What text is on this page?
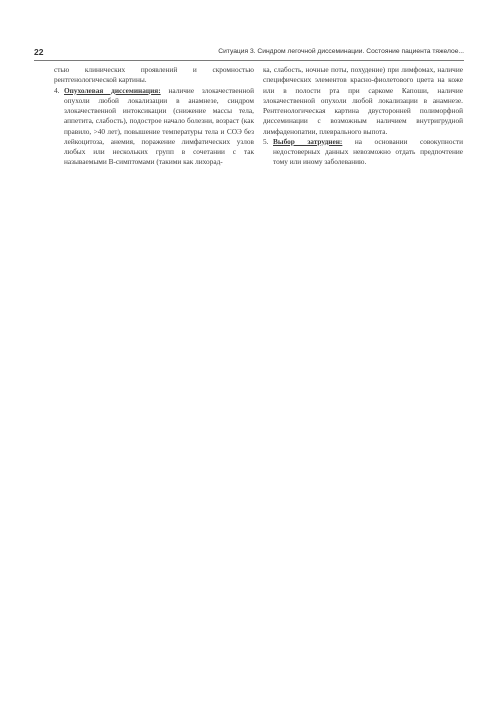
22	Ситуация 3. Синдром легочной диссеминации. Состояние пациента тяжелое...

стью клинических проявлений и скромностью рентгенологической картины.

4. Опухолевая диссеминация: наличие злокачественной опухоли любой локализации в анамнезе, синдром злокачественной интоксикации (снижение массы тела, аппетита, слабость), подострое начало болезни, возраст (как правило, >40 лет), повышение температуры тела и СОЭ без лейкоцитоза, анемия, поражение лимфатических узлов любых или нескольких групп в сочетании с так называемыми В-симптомами (такими как лихорад-

ка, слабость, ночные поты, похудение) при лимфомах, наличие специфических элементов красно-фиолетового цвета на коже или в полости рта при саркоме Капоши, наличие злокачественной опухоли любой локализации в анамнезе. Рентгенологическая картина двусторонней полиморфной диссеминации с возможным наличием внутригрудной лимфаденопатии, плеврального выпота.

5. Выбор затруднен: на основании совокупности недостоверных данных невозможно отдать предпочтение тому или иному заболеванию.
